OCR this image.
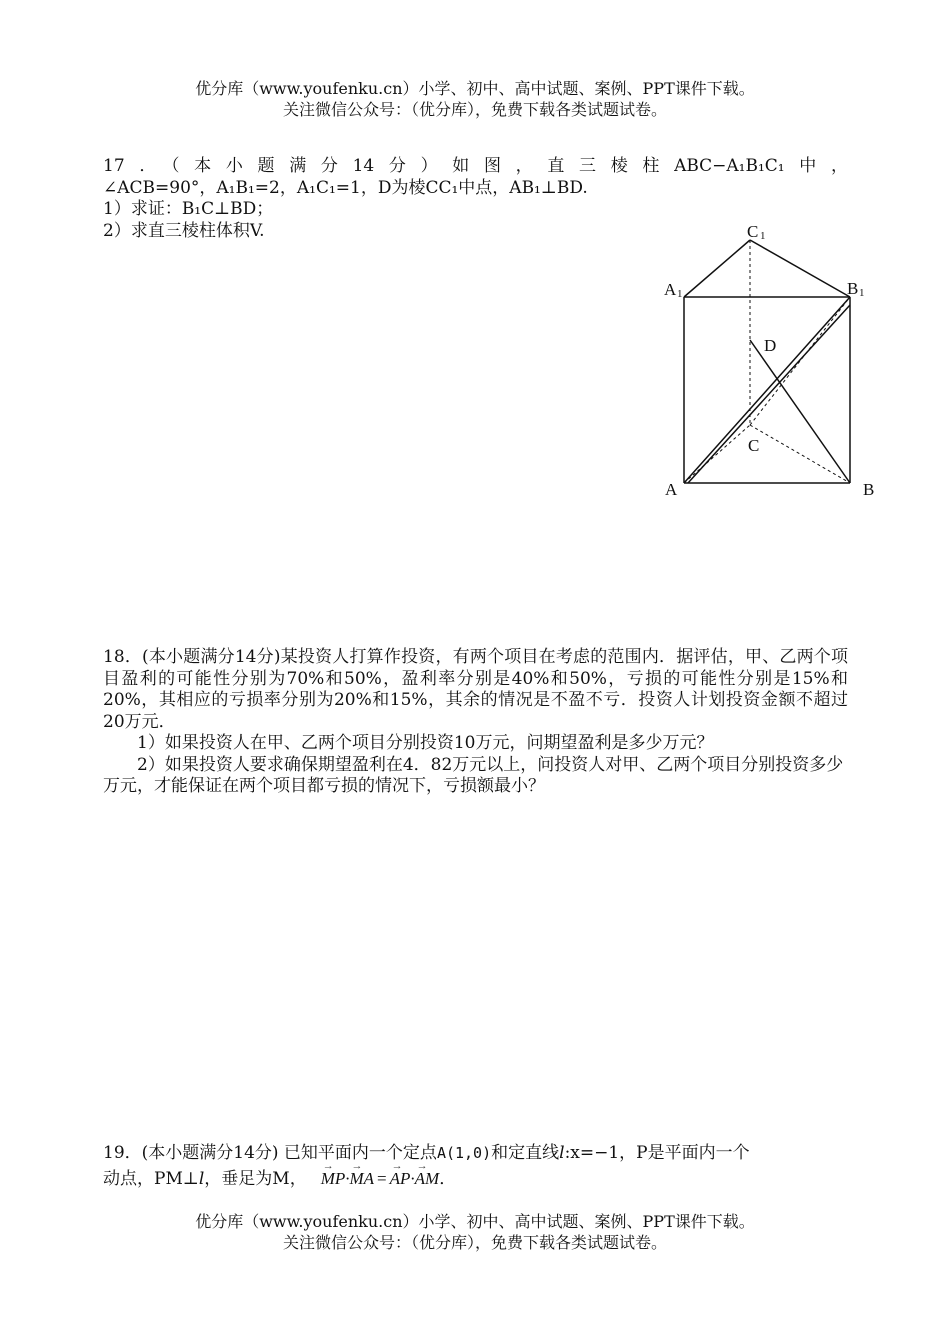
优分库（www.youfenku.cn）小学、初中、高中试题、案例、PPT课件下载。

关注微信公众号：（优分库），免费下载各类试题试卷。

17．（本小题满分14分）如图，直三棱柱ABC−A₁B₁C₁中，

∠ACB=90°，A₁B₁=2，A₁C₁=1，D为棱CC₁中点，AB₁⊥BD.

1）求证：B₁C⊥BD；

2）求直三棱柱体积V.	C 1
A 1	B 1
D
C
A	B

18．(本小题满分14分)某投资人打算作投资，有两个项目在考虑的范围内．据评估，甲、乙两个项目盈利的可能性分别为70%和50%，盈利率分别是40%和50%，亏损的可能性分别是15%和20%，其相应的亏损率分别为20%和15%，其余的情况是不盈不亏．投资人计划投资金额不超过20万元．

1）如果投资人在甲、乙两个项目分别投资10万元，问期望盈利是多少万元？

2）如果投资人要求确保期望盈利在4．82万元以上，问投资人对甲、乙两个项目分别投资多少万元，才能保证在两个项目都亏损的情况下，亏损额最小？

19．(本小题满分14分) 已知平面内一个定点A(1,0)和定直线l:x=−1，P是平面内一个

动点，PM⊥l，垂足为M， → MP·→ MA = → AP·→ AM．

优分库（www.youfenku.cn）小学、初中、高中试题、案例、PPT课件下载。

关注微信公众号：（优分库），免费下载各类试题试卷。
